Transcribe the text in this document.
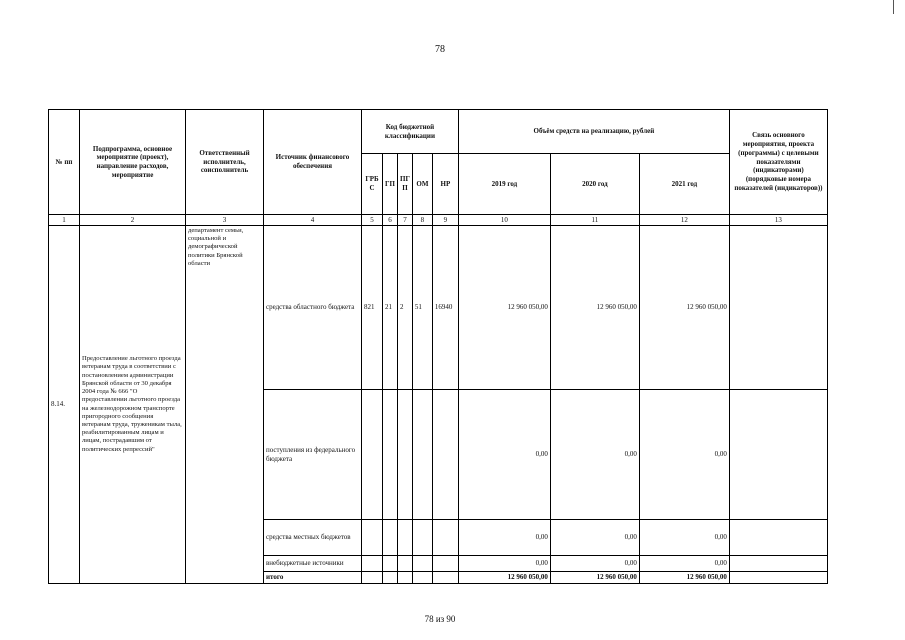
78
№ пп	Подпрограмма, основное мероприятие (проект), направление расходов, мероприятие	Ответственный исполнитель, соисполнитель	Источник финансового обеспечения	Код бюджетной классификации					Объём средств на реализацию, рублей			Связь основного мероприятия, проекта (программы) с целевыми показателями (индикаторами) (порядковые номера показателей (индикаторов))
				ГРБ С	ГП	ПГ П	ОМ	НР	2019 год	2020 год	2021 год	
1	2	3	4	5	6	7	8	9	10	11	12	13
8.14.	Предоставление льготного проезда ветеранам труда в соответствии с постановлением администрации Брянской области от 30 декабря 2004 года № 666 "О предоставлении льготного проезда на железнодорожном транспорте пригородного сообщения ветеранам труда, труженикам тыла, реабилитированным лицам и лицам, пострадавшим от политических репрессий"	департамент семьи, социальной и демографической политики Брянской области	средства областного бюджета	821	21	2	51	16940	12 960 050,00	12 960 050,00	12 960 050,00	
			поступления из федерального бюджета						0,00	0,00	0,00	
			средства местных бюджетов						0,00	0,00	0,00	
			внебюджетные источники						0,00	0,00	0,00	
			итого						12 960 050,00	12 960 050,00	12 960 050,00	
78 из 90
